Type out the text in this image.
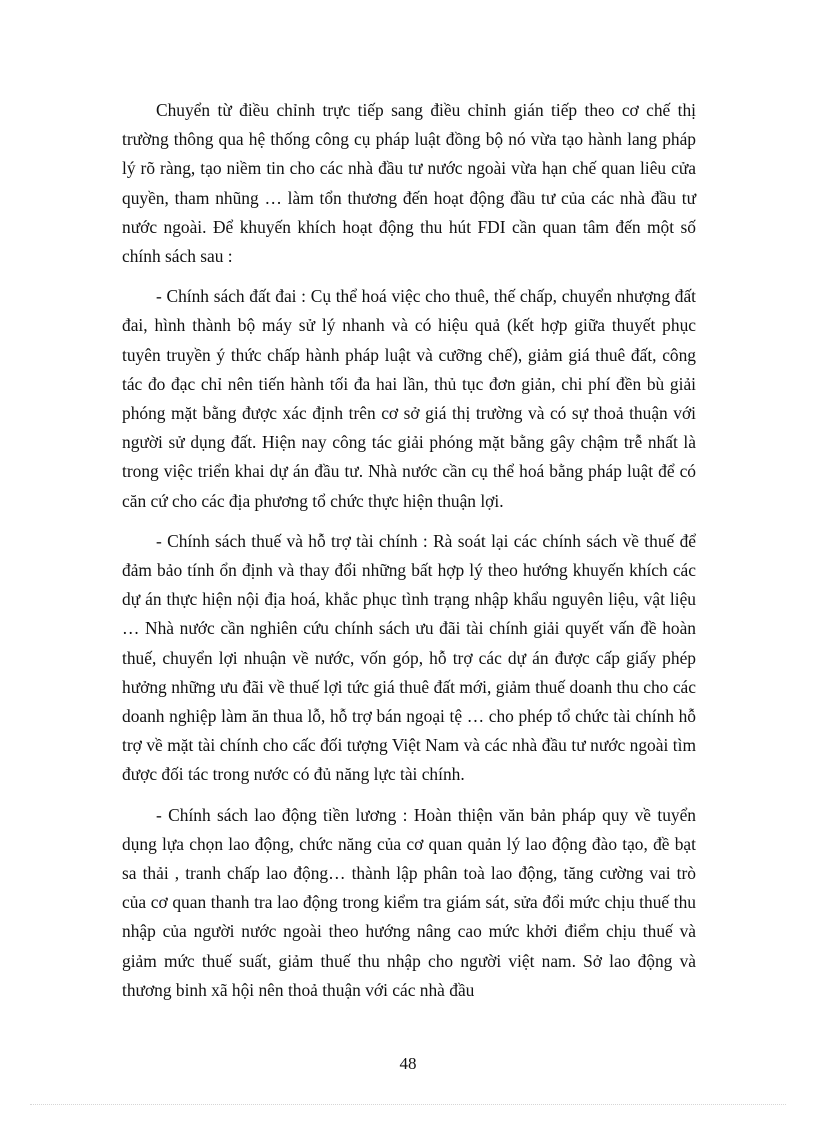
Chuyển từ điều chỉnh trực tiếp sang điều chỉnh gián tiếp theo cơ chế thị trường thông qua hệ thống công cụ pháp luật đồng bộ nó vừa tạo hành lang pháp lý rõ ràng, tạo niềm tin cho các nhà đầu tư nước ngoài vừa hạn chế quan liêu cửa quyền, tham nhũng … làm tổn thương đến hoạt động đầu tư của các nhà đầu tư nước ngoài. Để khuyến khích hoạt động thu hút FDI cần quan tâm đến một số chính sách sau :

- Chính sách đất đai : Cụ thể hoá việc cho thuê, thế chấp, chuyển nhượng đất đai, hình thành bộ máy sử lý nhanh và có hiệu quả (kết hợp giữa thuyết phục tuyên truyền ý thức chấp hành pháp luật và cưỡng chế), giảm giá thuê đất, công tác đo đạc chỉ nên tiến hành tối đa hai lần, thủ tục đơn giản, chi phí đền bù giải phóng mặt bằng được xác định trên cơ sở giá thị trường và có sự thoả thuận với người sử dụng đất. Hiện nay công tác giải phóng mặt bằng gây chậm trễ nhất là trong việc triển khai dự án đầu tư. Nhà nước cần cụ thể hoá bằng pháp luật để có căn cứ cho các địa phương tổ chức thực hiện thuận lợi.

- Chính sách thuế và hỗ trợ tài chính : Rà soát lại các chính sách về thuế để đảm bảo tính ổn định và thay đổi những bất hợp lý theo hướng khuyến khích các dự án thực hiện nội địa hoá, khắc phục tình trạng nhập khẩu nguyên liệu, vật liệu … Nhà nước cần nghiên cứu chính sách ưu đãi tài chính giải quyết vấn đề hoàn thuế, chuyển lợi nhuận về nước, vốn góp, hỗ trợ các dự án được cấp giấy phép hưởng những ưu đãi về thuế lợi tức giá thuê đất mới, giảm thuế doanh thu cho các doanh nghiệp làm ăn thua lỗ, hỗ trợ bán ngoại tệ … cho phép tổ chức tài chính hỗ trợ về mặt tài chính cho cấc đối tượng Việt Nam và các nhà đầu tư nước ngoài tìm được đối tác trong nước có đủ năng lực tài chính.

- Chính sách lao động tiền lương : Hoàn thiện văn bản pháp quy về tuyển dụng lựa chọn lao động, chức năng của cơ quan quản lý lao động đào tạo, đề bạt sa thải , tranh chấp lao động… thành lập phân toà lao động, tăng cường vai trò của cơ quan thanh tra lao động trong kiểm tra giám sát, sửa đổi mức chịu thuế thu nhập của người nước ngoài theo hướng nâng cao mức khởi điểm chịu thuế và giảm mức thuế suất, giảm thuế thu nhập cho người việt nam. Sở lao động và thương binh xã hội nên thoả thuận với các nhà đầu

48
